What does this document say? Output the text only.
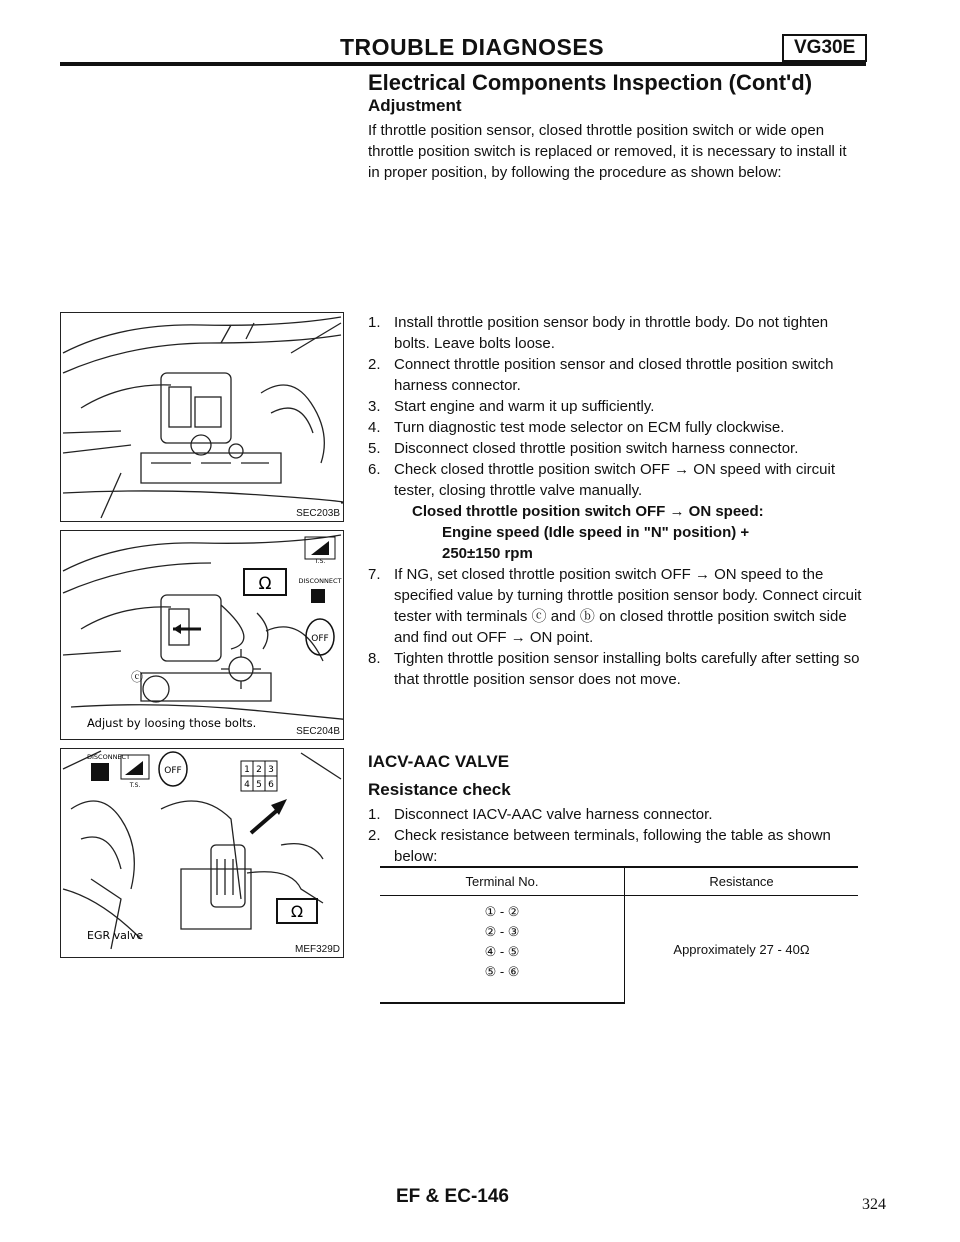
TROUBLE DIAGNOSES	VG30E
Electrical Components Inspection (Cont'd)
Adjustment
If throttle position sensor, closed throttle position switch or wide open throttle position switch is replaced or removed, it is necessary to install it in proper position, by following the procedure as shown below:
1. Install throttle position sensor body in throttle body. Do not tighten bolts. Leave bolts loose.
2. Connect throttle position sensor and closed throttle position switch harness connector.
3. Start engine and warm it up sufficiently.
4. Turn diagnostic test mode selector on ECM fully clockwise.
5. Disconnect closed throttle position switch harness connector.
6. Check closed throttle position switch OFF → ON speed with circuit tester, closing throttle valve manually.
Closed throttle position switch OFF → ON speed:
Engine speed (Idle speed in "N" position) +
250±150 rpm
7. If NG, set closed throttle position switch OFF → ON speed to the specified value by turning throttle position sensor body. Connect circuit tester with terminals ⓒ and ⓑ on closed throttle position switch side and find out OFF → ON point.
8. Tighten throttle position sensor installing bolts carefully after setting so that throttle position sensor does not move.
IACV-AAC VALVE
Resistance check
1. Disconnect IACV-AAC valve harness connector.
2. Check resistance between terminals, following the table as shown below:
Terminal No.	Resistance

① - ②	Approximately 27 - 40Ω

② - ③	

④ - ⑤	

⑤ - ⑥	
SEC203B
Ω
T.S.
DISCONNECT
OFF
ⓒ
Adjust by loosing those bolts.
SEC204B
Ω
DISCONNECT
T.S.
OFF	1 2 3
4 5 6
EGR valve
MEF329D
EF & EC-146	324
